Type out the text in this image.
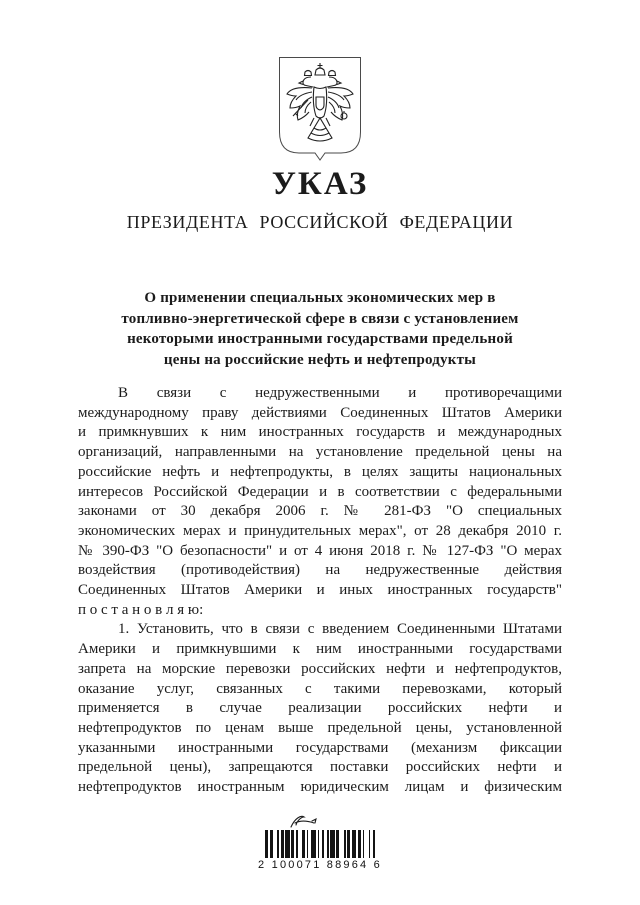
УКАЗ
ПРЕЗИДЕНТА РОССИЙСКОЙ ФЕДЕРАЦИИ
О применении специальных экономических мер в
топливно-энергетической сфере в связи с установлением
некоторыми иностранными государствами предельной
цены на российские нефть и нефтепродукты
В связи с недружественными и противоречащими
международному праву действиями Соединенных Штатов Америки
и примкнувших к ним иностранных государств и международных
организаций, направленными на установление предельной цены на
российские нефть и нефтепродукты, в целях защиты национальных
интересов Российской Федерации и в соответствии с федеральными
законами от 30 декабря 2006 г. № 281-ФЗ "О специальных
экономических мерах и принудительных мерах", от 28 декабря 2010 г.
№ 390-ФЗ "О безопасности" и от 4 июня 2018 г. № 127-ФЗ "О мерах
воздействия (противодействия) на недружественные действия
Соединенных Штатов Америки и иных иностранных государств"
п о с т а н о в л я ю:
1. Установить, что в связи с введением Соединенными Штатами
Америки и примкнувшими к ним иностранными государствами
запрета на морские перевозки российских нефти и нефтепродуктов,
оказание услуг, связанных с такими перевозками, который
применяется в случае реализации российских нефти и
нефтепродуктов по ценам выше предельной цены, установленной
указанными иностранными государствами (механизм фиксации
предельной цены), запрещаются поставки российских нефти и
нефтепродуктов иностранным юридическим лицам и физическим
2 100071 88964 6
